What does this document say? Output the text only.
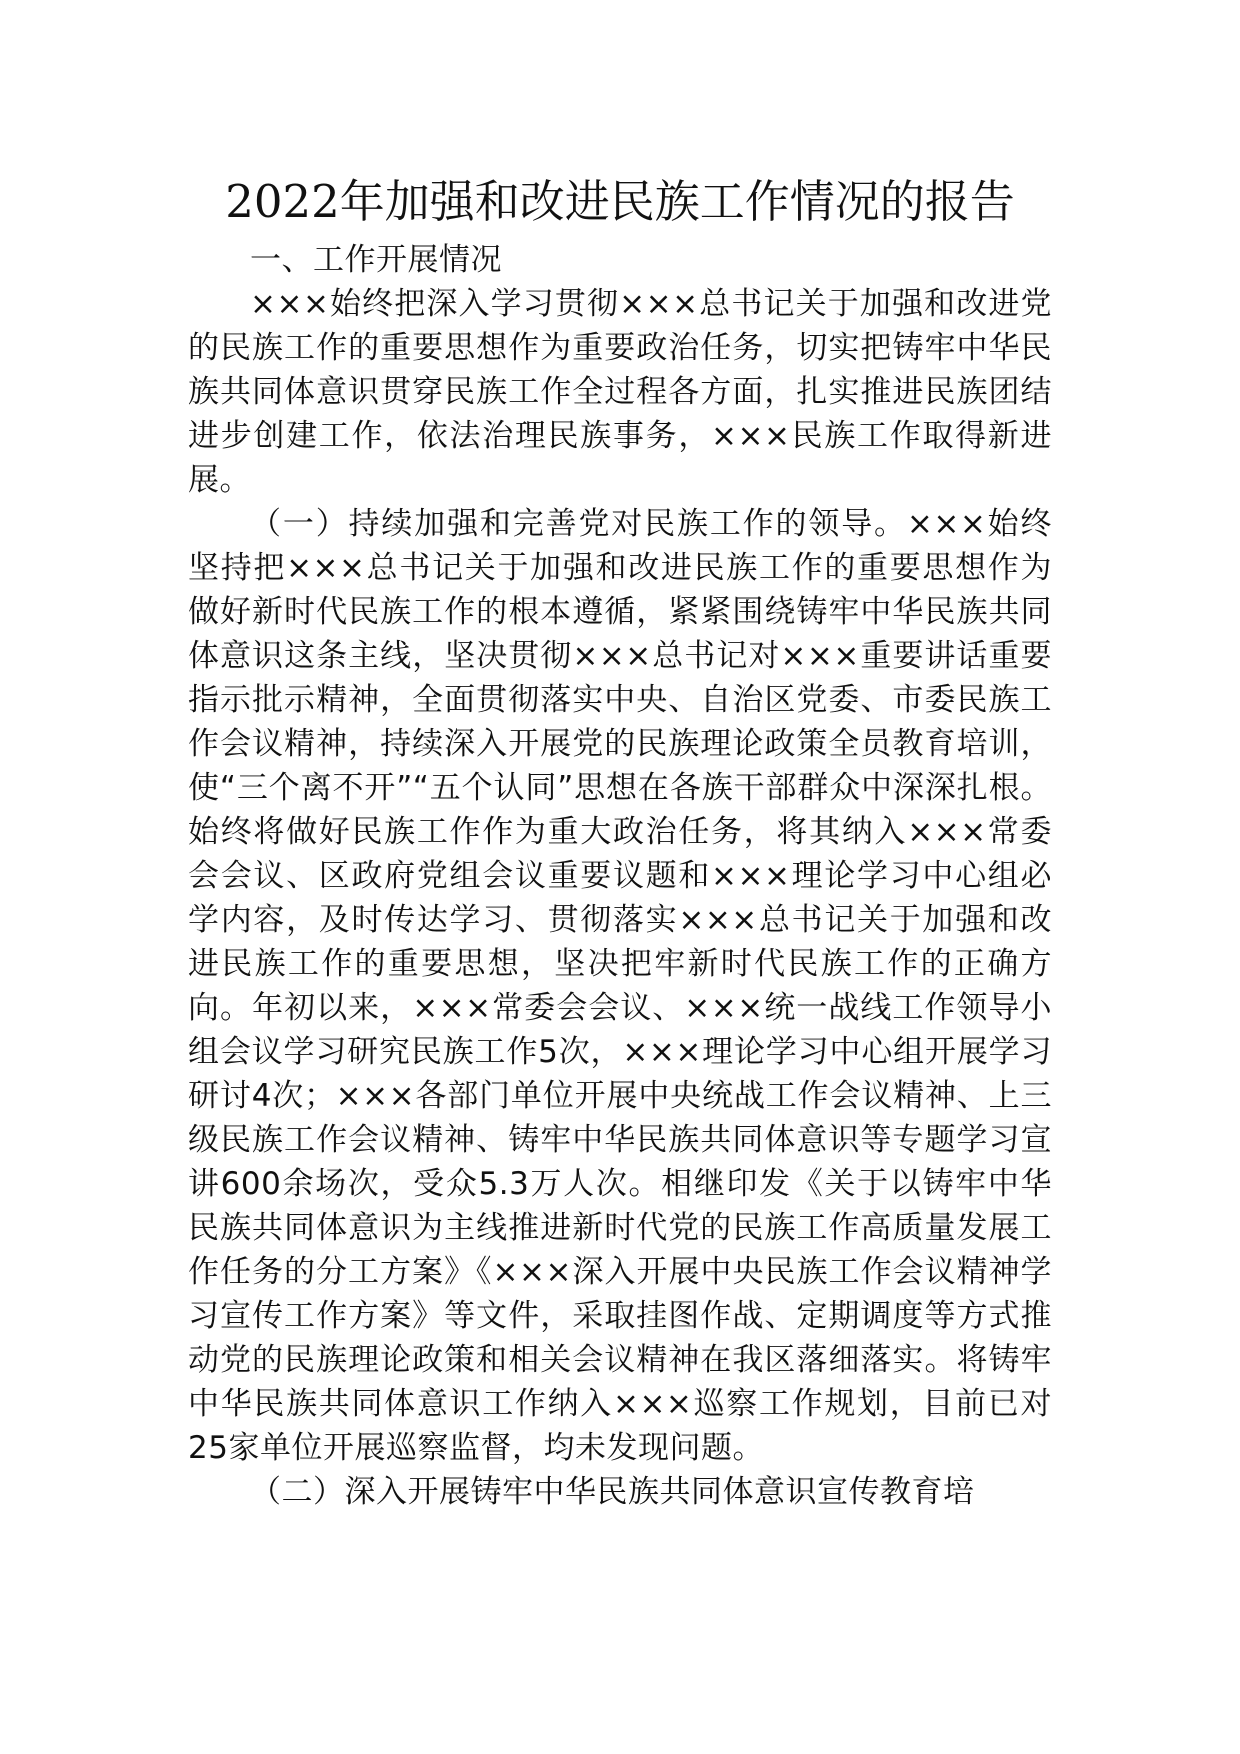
2022年加强和改进民族工作情况的报告

一、工作开展情况

×××始终把深入学习贯彻×××总书记关于加强和改进党的民族工作的重要思想作为重要政治任务，切实把铸牢中华民族共同体意识贯穿民族工作全过程各方面，扎实推进民族团结进步创建工作，依法治理民族事务，×××民族工作取得新进展。

（一）持续加强和完善党对民族工作的领导。×××始终坚持把×××总书记关于加强和改进民族工作的重要思想作为做好新时代民族工作的根本遵循，紧紧围绕铸牢中华民族共同体意识这条主线，坚决贯彻×××总书记对×××重要讲话重要指示批示精神，全面贯彻落实中央、自治区党委、市委民族工作会议精神，持续深入开展党的民族理论政策全员教育培训，使“三个离不开”“五个认同”思想在各族干部群众中深深扎根。始终将做好民族工作作为重大政治任务，将其纳入×××常委会会议、区政府党组会议重要议题和×××理论学习中心组必学内容，及时传达学习、贯彻落实×××总书记关于加强和改进民族工作的重要思想，坚决把牢新时代民族工作的正确方向。年初以来，×××常委会会议、×××统一战线工作领导小组会议学习研究民族工作5次，×××理论学习中心组开展学习研讨4次；×××各部门单位开展中央统战工作会议精神、上三级民族工作会议精神、铸牢中华民族共同体意识等专题学习宣讲600余场次，受众5.3万人次。相继印发《关于以铸牢中华民族共同体意识为主线推进新时代党的民族工作高质量发展工作任务的分工方案》《×××深入开展中央民族工作会议精神学习宣传工作方案》等文件，采取挂图作战、定期调度等方式推动党的民族理论政策和相关会议精神在我区落细落实。将铸牢中华民族共同体意识工作纳入×××巡察工作规划，目前已对25家单位开展巡察监督，均未发现问题。

（二）深入开展铸牢中华民族共同体意识宣传教育培
